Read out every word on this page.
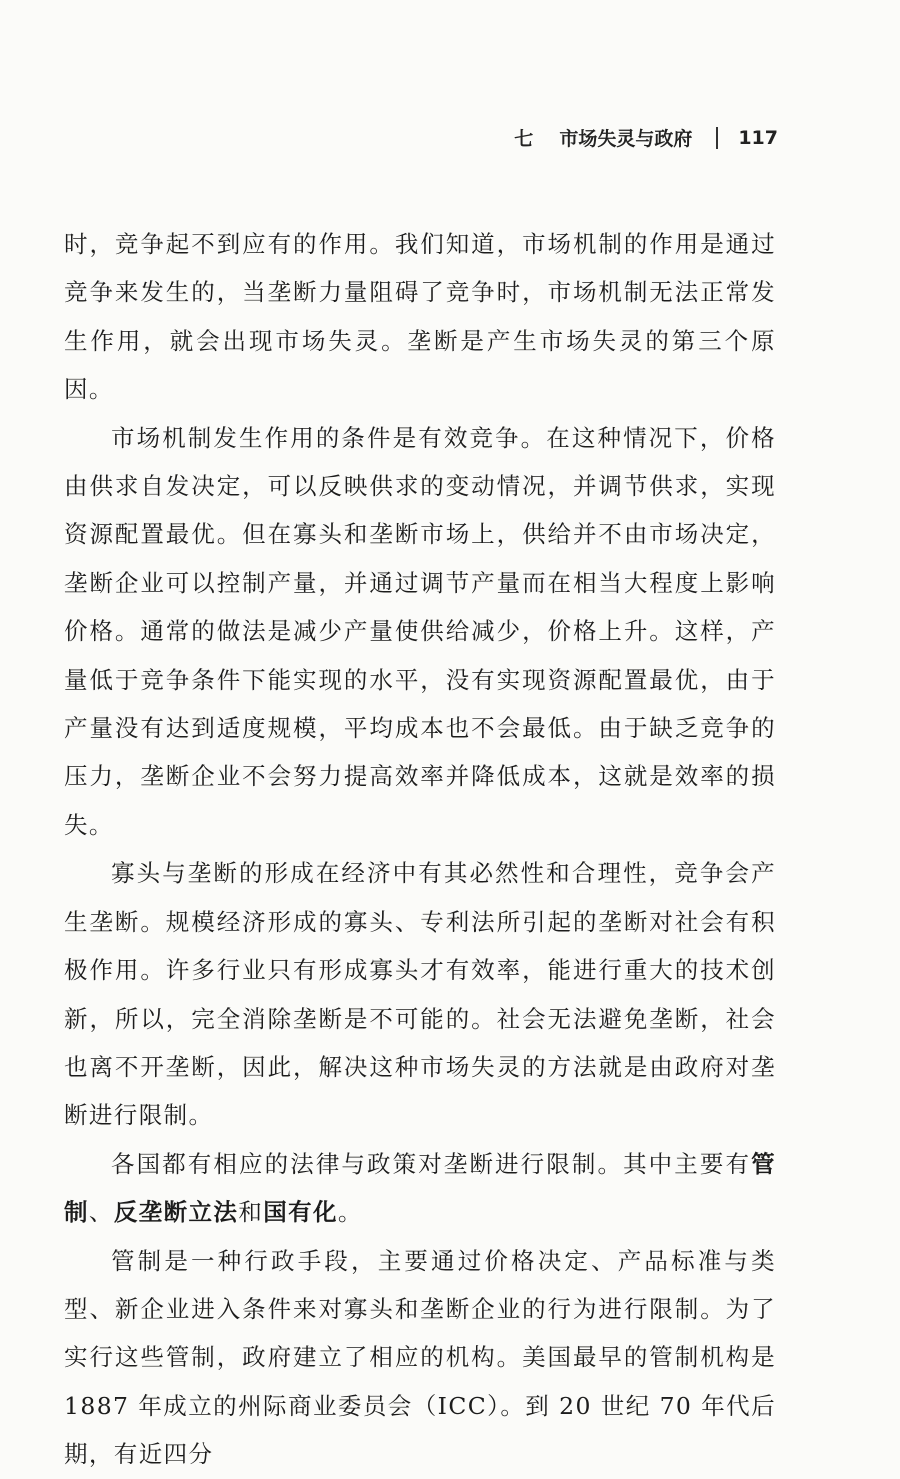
七 市场失灵与政府 117

时，竞争起不到应有的作用。我们知道，市场机制的作用是通过竞争来发生的，当垄断力量阻碍了竞争时，市场机制无法正常发生作用，就会出现市场失灵。垄断是产生市场失灵的第三个原因。

市场机制发生作用的条件是有效竞争。在这种情况下，价格由供求自发决定，可以反映供求的变动情况，并调节供求，实现资源配置最优。但在寡头和垄断市场上，供给并不由市场决定，垄断企业可以控制产量，并通过调节产量而在相当大程度上影响价格。通常的做法是减少产量使供给减少，价格上升。这样，产量低于竞争条件下能实现的水平，没有实现资源配置最优，由于产量没有达到适度规模，平均成本也不会最低。由于缺乏竞争的压力，垄断企业不会努力提高效率并降低成本，这就是效率的损失。

寡头与垄断的形成在经济中有其必然性和合理性，竞争会产生垄断。规模经济形成的寡头、专利法所引起的垄断对社会有积极作用。许多行业只有形成寡头才有效率，能进行重大的技术创新，所以，完全消除垄断是不可能的。社会无法避免垄断，社会也离不开垄断，因此，解决这种市场失灵的方法就是由政府对垄断进行限制。

各国都有相应的法律与政策对垄断进行限制。其中主要有管制、反垄断立法和国有化。

管制是一种行政手段，主要通过价格决定、产品标准与类型、新企业进入条件来对寡头和垄断企业的行为进行限制。为了实行这些管制，政府建立了相应的机构。美国最早的管制机构是 1887 年成立的州际商业委员会（ICC）。到 20 世纪 70 年代后期，有近四分
